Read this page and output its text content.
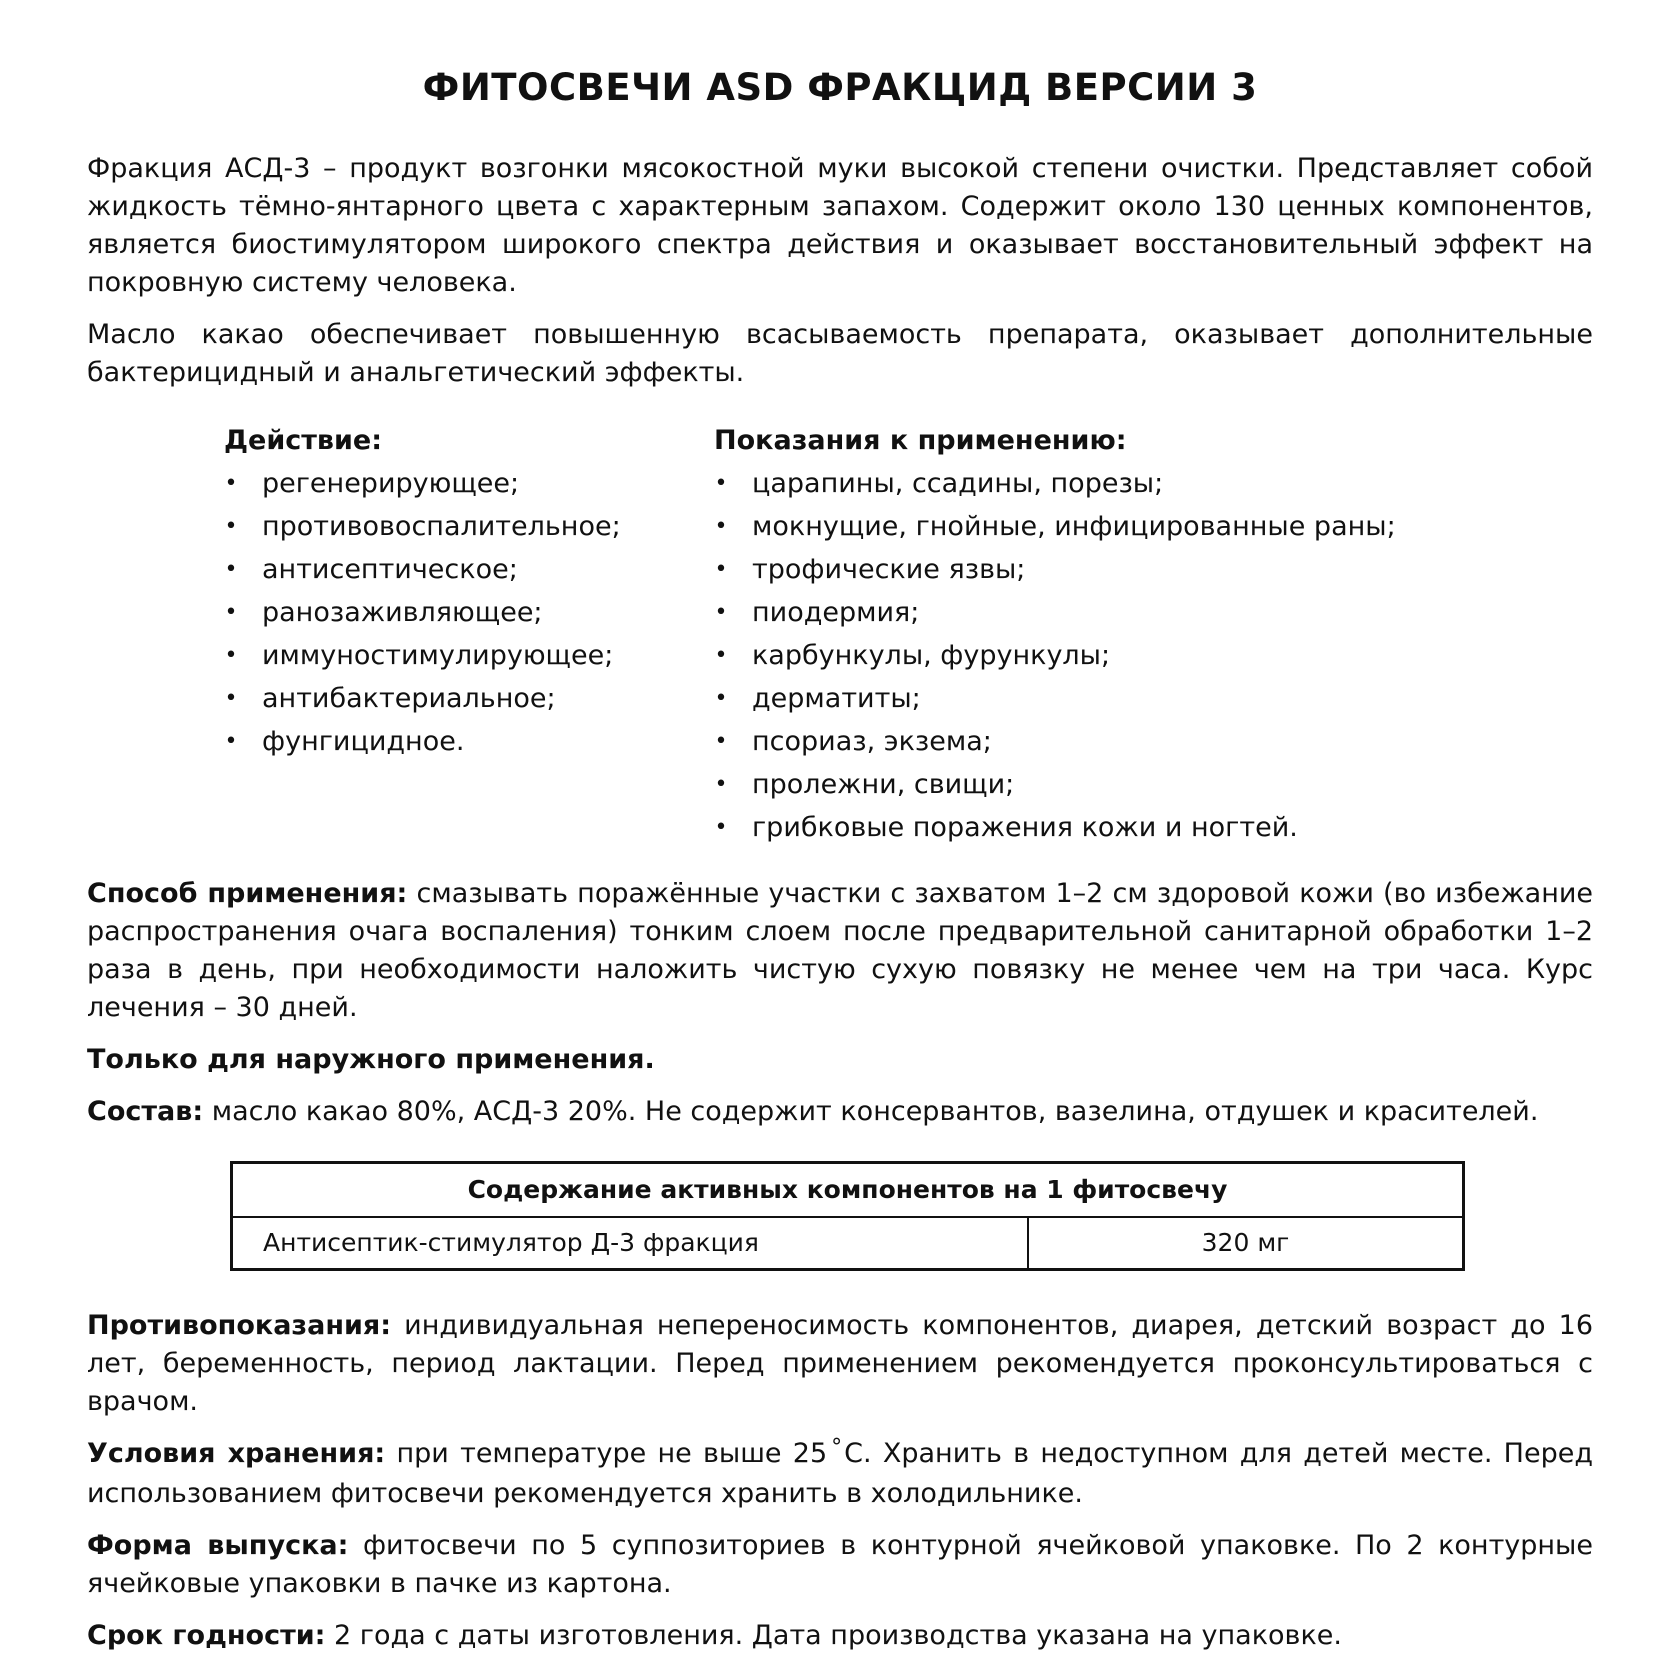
ФИТОСВЕЧИ ASD ФРАКЦИД ВЕРСИИ 3

Фракция АСД-3 – продукт возгонки мясокостной муки высокой степени очистки. Представляет собой жидкость тёмно-янтарного цвета с характерным запахом. Содержит около 130 ценных компонентов, является биостимулятором широкого спектра действия и оказывает восстановительный эффект на покровную систему человека.

Масло какао обеспечивает повышенную всасываемость препарата, оказывает дополнительные бактерицидный и анальгетический эффекты.

Действие:
• регенерирующее;
• противовоспалительное;
• антисептическое;
• ранозаживляющее;
• иммуностимулирующее;
• антибактериальное;
• фунгицидное.
Показания к применению:
• царапины, ссадины, порезы;
• мокнущие, гнойные, инфицированные раны;
• трофические язвы;
• пиодермия;
• карбункулы, фурункулы;
• дерматиты;
• псориаз, экзема;
• пролежни, свищи;
• грибковые поражения кожи и ногтей.

Способ применения: смазывать поражённые участки с захватом 1–2 см здоровой кожи (во избежание распространения очага воспаления) тонким слоем после предварительной санитарной обработки 1–2 раза в день, при необходимости наложить чистую сухую повязку не менее чем на три часа. Курс лечения – 30 дней.

Только для наружного применения.

Состав: масло какао 80%, АСД-3 20%. Не содержит консервантов, вазелина, отдушек и красителей.

Содержание активных компонентов на 1 фитосвечу
Антисептик-стимулятор Д-3 фракция	320 мг

Противопоказания: индивидуальная непереносимость компонентов, диарея, детский возраст до 16 лет, беременность, период лактации. Перед применением рекомендуется проконсультироваться с врачом.

Условия хранения: при температуре не выше 25 °С. Хранить в недоступном для детей месте. Перед использованием фитосвечи рекомендуется хранить в холодильнике.

Форма выпуска: фитосвечи по 5 суппозиториев в контурной ячейковой упаковке. По 2 контурные ячейковые упаковки в пачке из картона.

Срок годности: 2 года с даты изготовления. Дата производства указана на упаковке.
